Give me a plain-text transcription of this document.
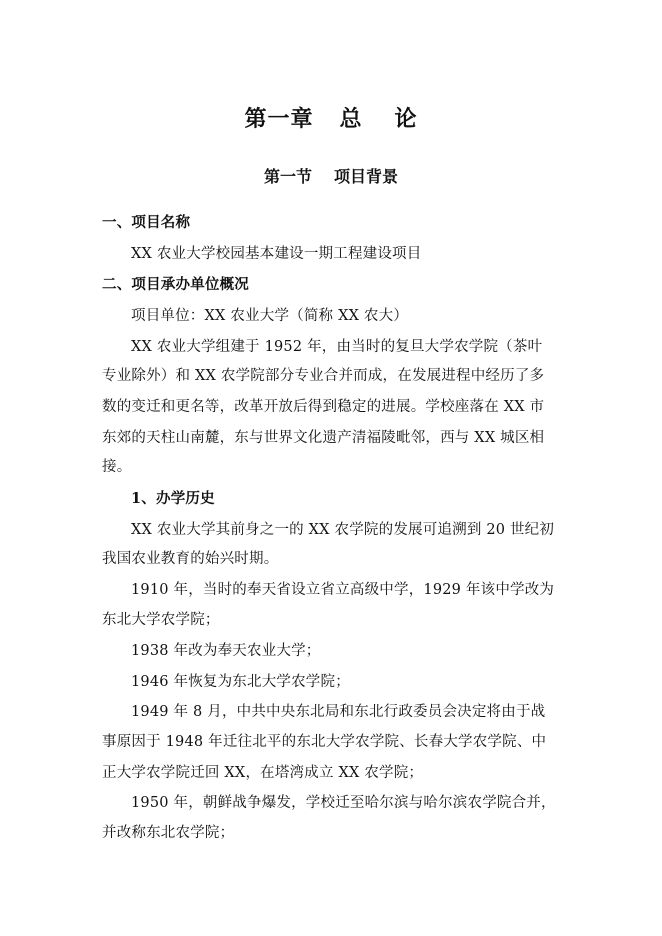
第一章 总 论
第一节 项目背景
一、项目名称
XX 农业大学校园基本建设一期工程建设项目
二、项目承办单位概况
项目单位：XX 农业大学（简称 XX 农大）
XX 农业大学组建于 1952 年，由当时的复旦大学农学院（茶叶
专业除外）和 XX 农学院部分专业合并而成，在发展进程中经历了多
数的变迁和更名等，改革开放后得到稳定的进展。学校座落在 XX 市
东郊的天柱山南麓，东与世界文化遗产清福陵毗邻，西与 XX 城区相
接。
1、办学历史
XX 农业大学其前身之一的 XX 农学院的发展可追溯到 20 世纪初
我国农业教育的始兴时期。
1910 年，当时的奉天省设立省立高级中学，1929 年该中学改为
东北大学农学院；
1938 年改为奉天农业大学；
1946 年恢复为东北大学农学院；
1949 年 8 月，中共中央东北局和东北行政委员会决定将由于战
事原因于 1948 年迁往北平的东北大学农学院、长春大学农学院、中
正大学农学院迁回 XX，在塔湾成立 XX 农学院；
1950 年，朝鲜战争爆发，学校迁至哈尔滨与哈尔滨农学院合并，
并改称东北农学院；
